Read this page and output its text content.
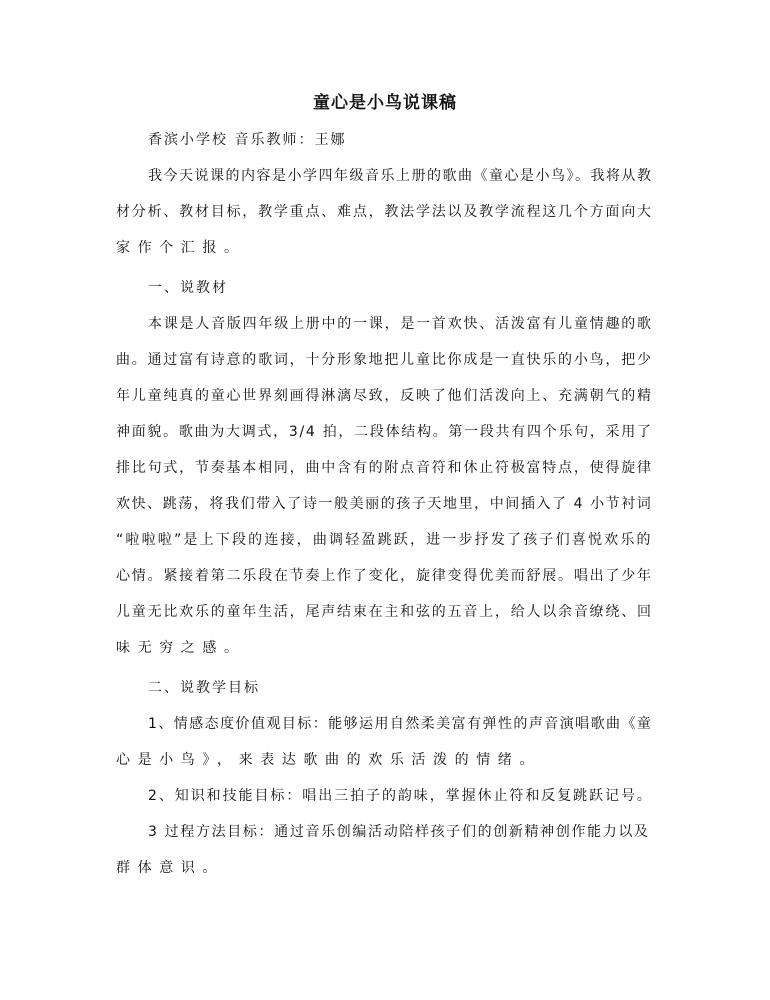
童心是小鸟说课稿
香滨小学校 音乐教师：王娜
我今天说课的内容是小学四年级音乐上册的歌曲《童心是小鸟》。我将从教
材分析、教材目标，教学重点、难点，教法学法以及教学流程这几个方面向大
家作个汇报。
一、说教材
本课是人音版四年级上册中的一课，是一首欢快、活泼富有儿童情趣的歌
曲。通过富有诗意的歌词，十分形象地把儿童比你成是一直快乐的小鸟，把少
年儿童纯真的童心世界刻画得淋漓尽致，反映了他们活泼向上、充满朝气的精
神面貌。歌曲为大调式，3/4 拍，二段体结构。第一段共有四个乐句，采用了
排比句式，节奏基本相同，曲中含有的附点音符和休止符极富特点，使得旋律
欢快、跳荡，将我们带入了诗一般美丽的孩子天地里，中间插入了 4 小节衬词
“啦啦啦”是上下段的连接，曲调轻盈跳跃，进一步抒发了孩子们喜悦欢乐的
心情。紧接着第二乐段在节奏上作了变化，旋律变得优美而舒展。唱出了少年
儿童无比欢乐的童年生活，尾声结束在主和弦的五音上，给人以余音缭绕、回
味无穷之感。
二、说教学目标
1、情感态度价值观目标：能够运用自然柔美富有弹性的声音演唱歌曲《童
心是小鸟》，来表达歌曲的欢乐活泼的情绪。
2、知识和技能目标：唱出三拍子的韵味，掌握休止符和反复跳跃记号。
3 过程方法目标：通过音乐创编活动陪样孩子们的创新精神创作能力以及
群体意识。
